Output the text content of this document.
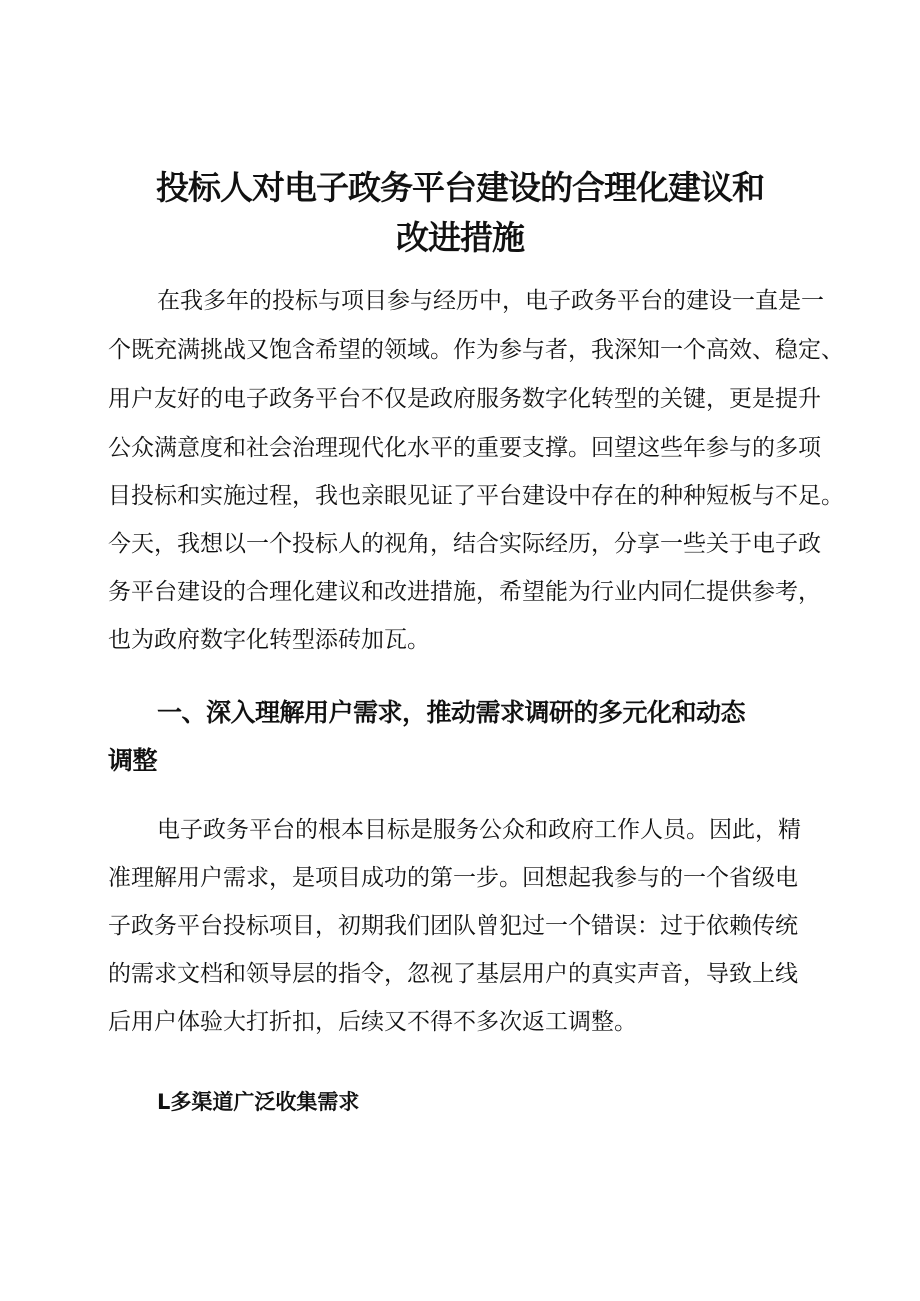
投标人对电子政务平台建设的合理化建议和
改进措施

在我多年的投标与项目参与经历中，电子政务平台的建设一直是一

个既充满挑战又饱含希望的领域。作为参与者，我深知一个高效、稳定、

用户友好的电子政务平台不仅是政府服务数字化转型的关键，更是提升

公众满意度和社会治理现代化水平的重要支撑。回望这些年参与的多项

目投标和实施过程，我也亲眼见证了平台建设中存在的种种短板与不足。

今天，我想以一个投标人的视角，结合实际经历，分享一些关于电子政

务平台建设的合理化建议和改进措施，希望能为行业内同仁提供参考，

也为政府数字化转型添砖加瓦。

一、深入理解用户需求，推动需求调研的多元化和动态
调整

电子政务平台的根本目标是服务公众和政府工作人员。因此，精

准理解用户需求，是项目成功的第一步。回想起我参与的一个省级电

子政务平台投标项目，初期我们团队曾犯过一个错误：过于依赖传统

的需求文档和领导层的指令，忽视了基层用户的真实声音，导致上线

后用户体验大打折扣，后续又不得不多次返工调整。

L多渠道广泛收集需求
